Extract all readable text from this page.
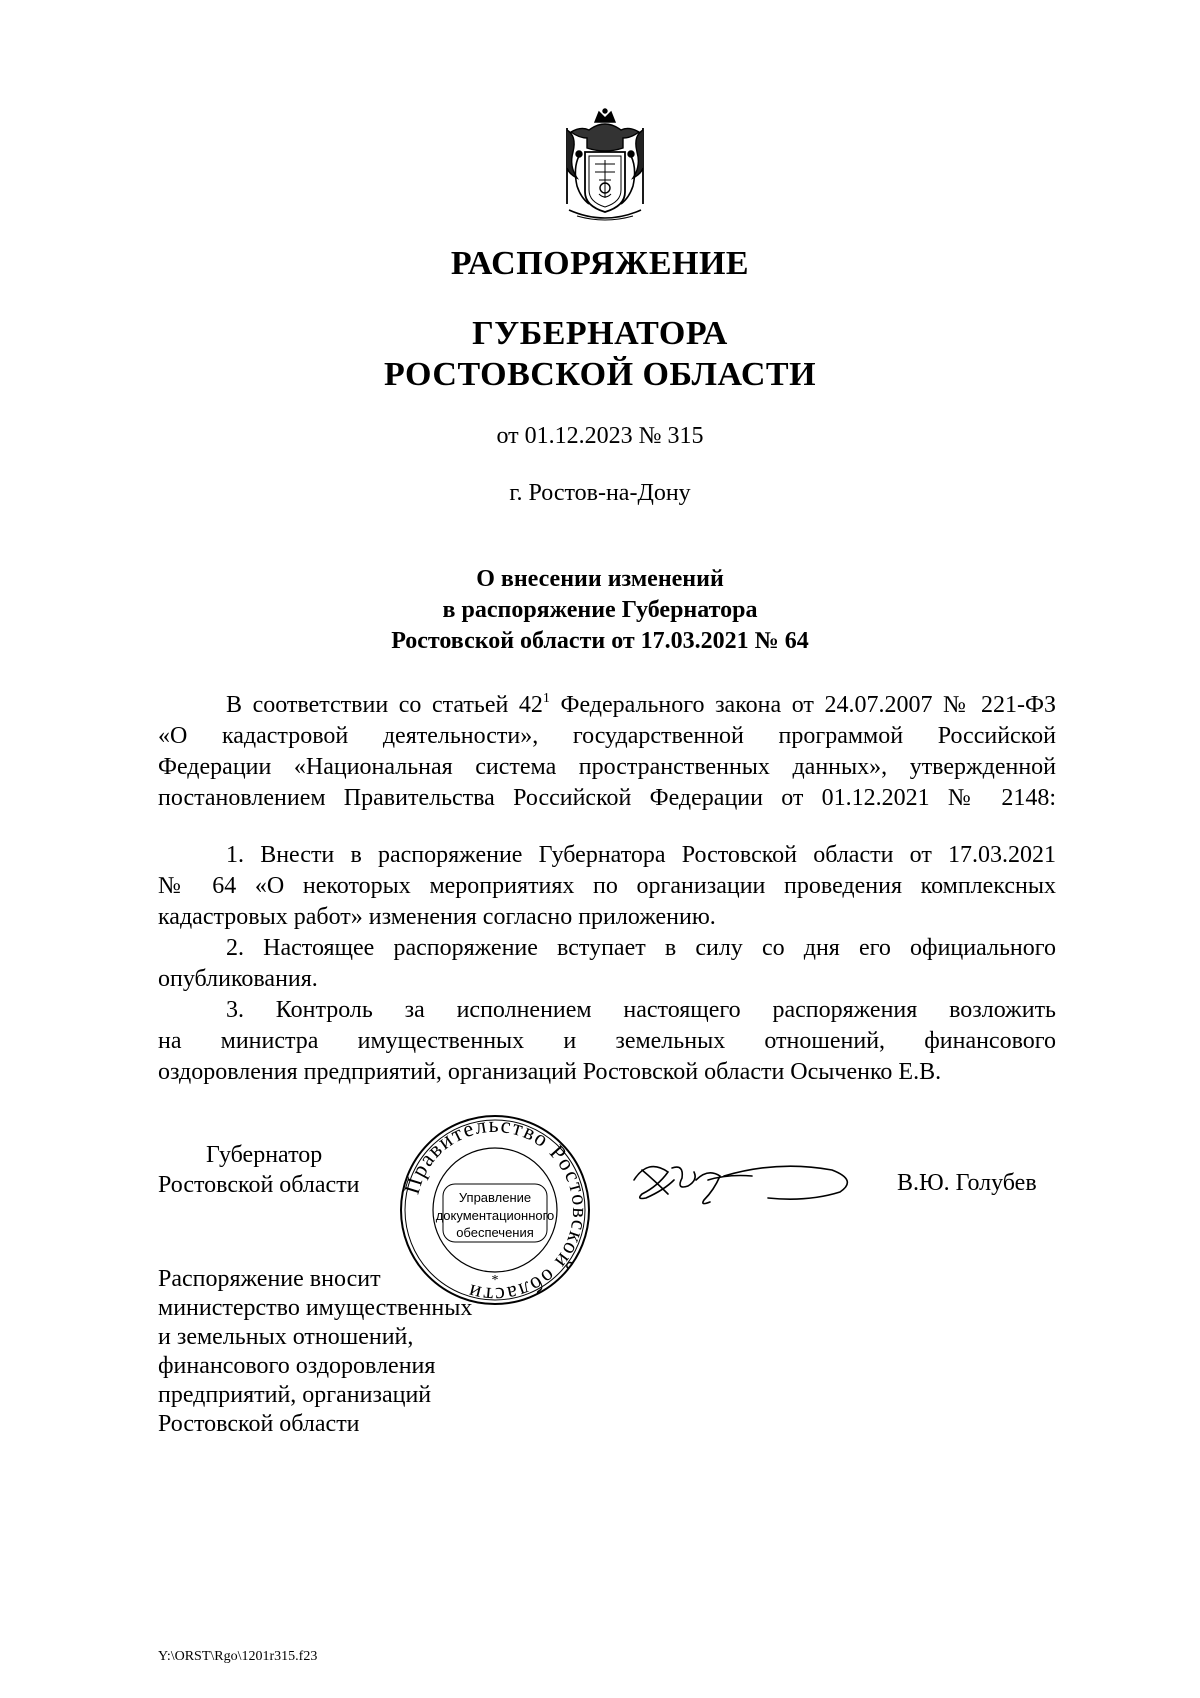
РАСПОРЯЖЕНИЕ
ГУБЕРНАТОРА
РОСТОВСКОЙ ОБЛАСТИ
от 01.12.2023 № 315
г. Ростов-на-Дону
О внесении изменений
в распоряжение Губернатора
Ростовской области от 17.03.2021 № 64
В соответствии со статьей $42^1$ Федерального закона от 24.07.2007 № 221-ФЗ
«О кадастровой деятельности», государственной программой Российской
Федерации «Национальная система пространственных данных», утвержденной
постановлением Правительства Российской Федерации от 01.12.2021 № 2148:
1. Внести в распоряжение Губернатора Ростовской области от 17.03.2021
№ 64 «О некоторых мероприятиях по организации проведения комплексных
кадастровых работ» изменения согласно приложению.
2. Настоящее распоряжение вступает в силу со дня его официального
опубликования.
3. Контроль за исполнением настоящего распоряжения возложить
на министра имущественных и земельных отношений, финансового
оздоровления предприятий, организаций Ростовской области Осыченко Е.В.
Губернатор
Ростовской области Правительство Ростовской области *
Управление
документационного
обеспечения
В.Ю. Голубев
Распоряжение вносит
министерство имущественных
и земельных отношений,
финансового оздоровления
предприятий, организаций
Ростовской области
Y:\ORST\Rgo\1201r315.f23
